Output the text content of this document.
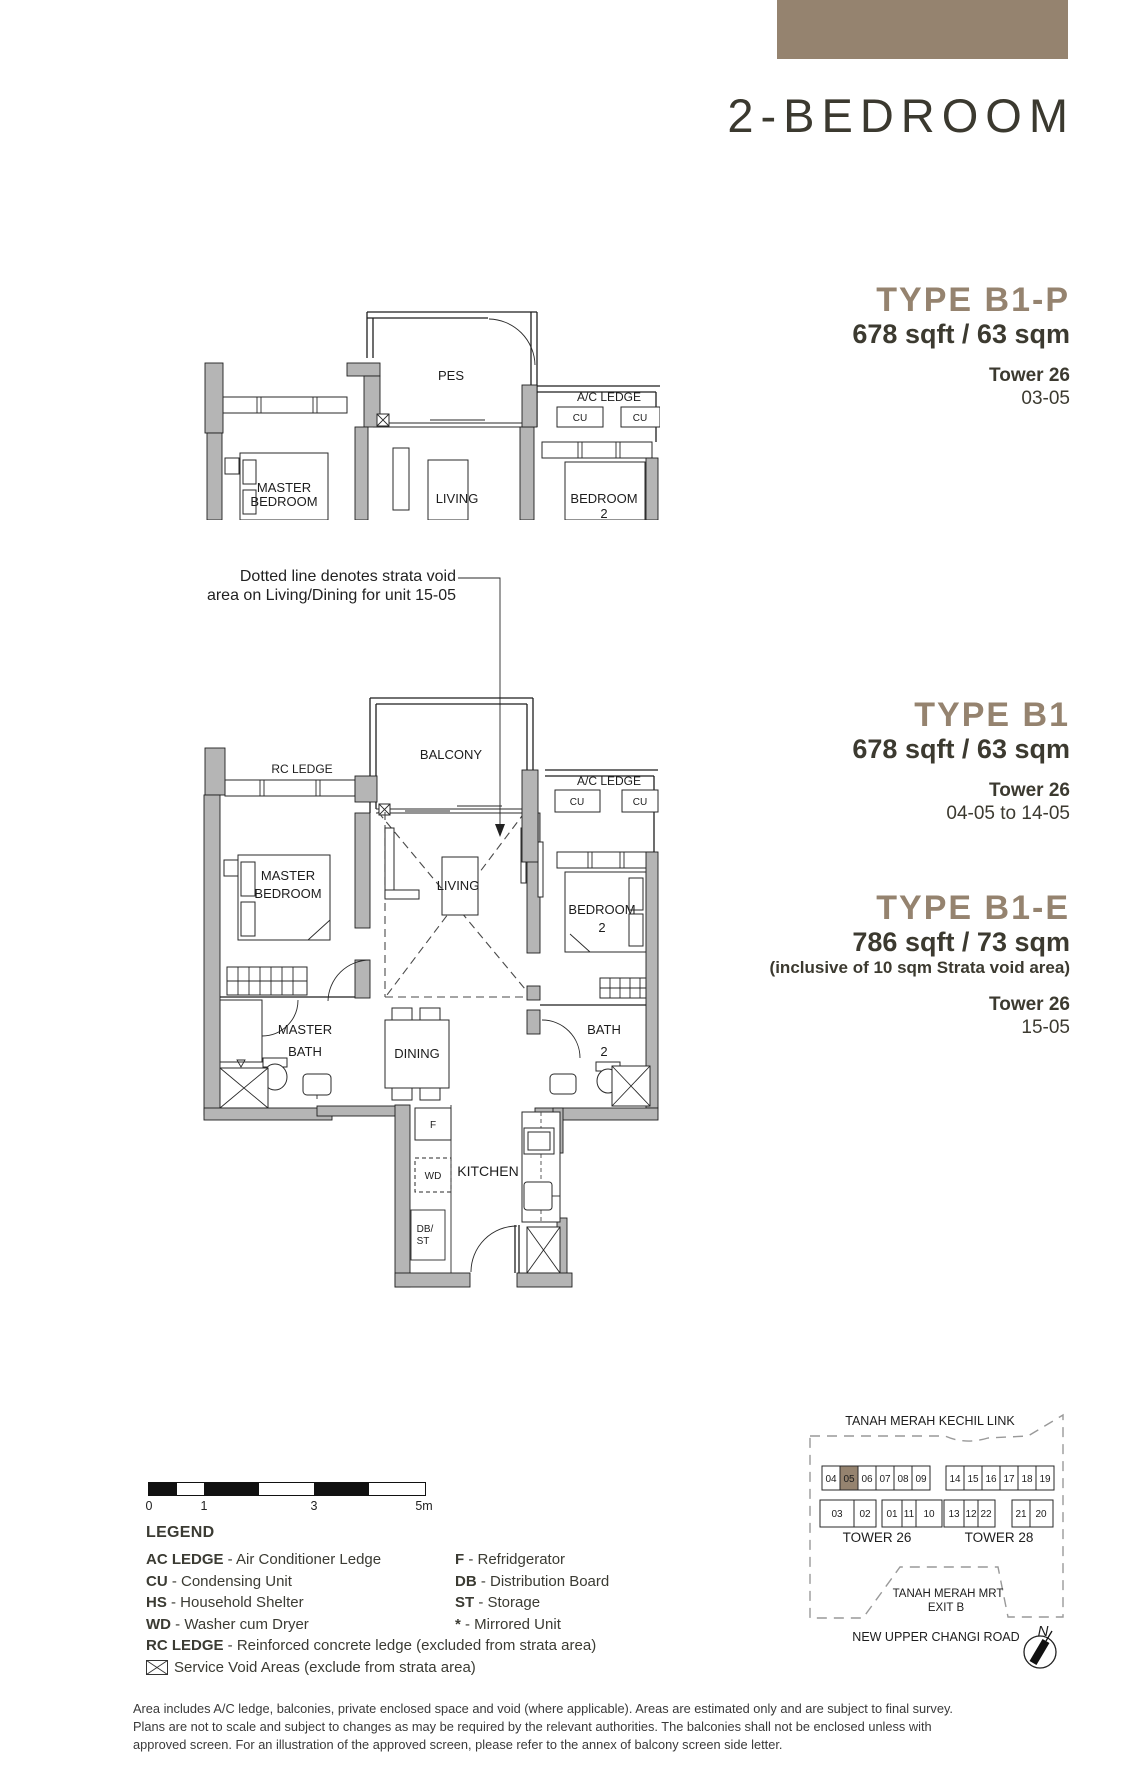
2-BEDROOM
PES
A/C LEDGE
CU	CU
MASTER
BEDROOM	LIVING	BEDROOM
2
Dotted line denotes strata void
area on Living/Dining for unit 15-05
BALCONY
RC LEDGE
A/C LEDGE
CU	CU
MASTER
BEDROOM
LIVING
BEDROOM
2
MASTER
BATH	DINING
BATH
2
KITCHEN
F
WD
DB/
ST
TYPE B1-P
678 sqft / 63 sqm
Tower 26
03-05
TYPE B1
678 sqft / 63 sqm
Tower 26
04-05 to 14-05
TYPE B1-E
786 sqft / 73 sqm
(inclusive of 10 sqm Strata void area)
Tower 26
15-05
0	1	3	5m
LEGEND
AC LEDGE - Air Conditioner Ledge	F - Refridgerator
CU - Condensing Unit	DB - Distribution Board
HS - Household Shelter	ST - Storage
WD - Washer cum Dryer	* - Mirrored Unit
RC LEDGE - Reinforced concrete ledge (excluded from strata area)
Service Void Areas (exclude from strata area)
04 05 06 07 08 09
03 02 01 11 10
14 15 16 17 18 19
13 12 22 21 20
TANAH MERAH KECHIL LINK
TOWER 26	TOWER 28
TANAH MERAH MRT
EXIT B
NEW UPPER CHANGI ROAD N
Area includes A/C ledge, balconies, private enclosed space and void (where applicable). Areas are estimated only and are subject to final survey.
Plans are not to scale and subject to changes as may be required by the relevant authorities. The balconies shall not be enclosed unless with
approved screen. For an illustration of the approved screen, please refer to the annex of balcony screen side letter.
